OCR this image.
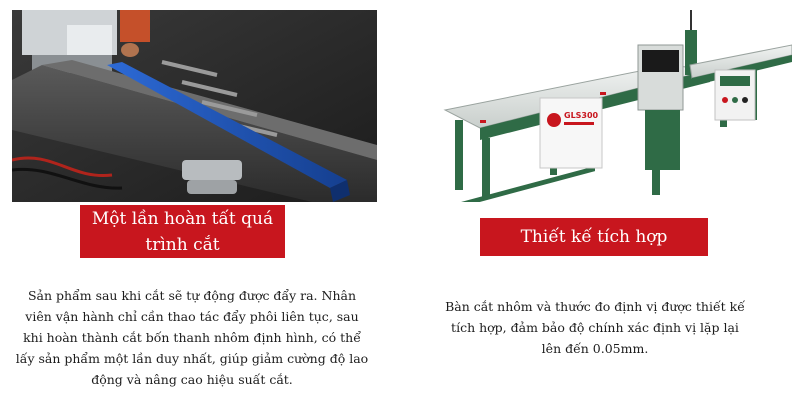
Một lần hoàn tất quá
trình cắt
Sản phẩm sau khi cắt sẽ tự động được đẩy ra. Nhân viên vận hành chỉ cần thao tác đẩy phôi liên tục, sau khi hoàn thành cắt bốn thanh nhôm định hình, có thể lấy sản phẩm một lần duy nhất, giúp giảm cường độ lao động và nâng cao hiệu suất cắt.
GLS300
Thiết kế tích hợp
Bàn cắt nhôm và thước đo định vị được thiết kế tích hợp, đảm bảo độ chính xác định vị lặp lại lên đến 0.05mm.
